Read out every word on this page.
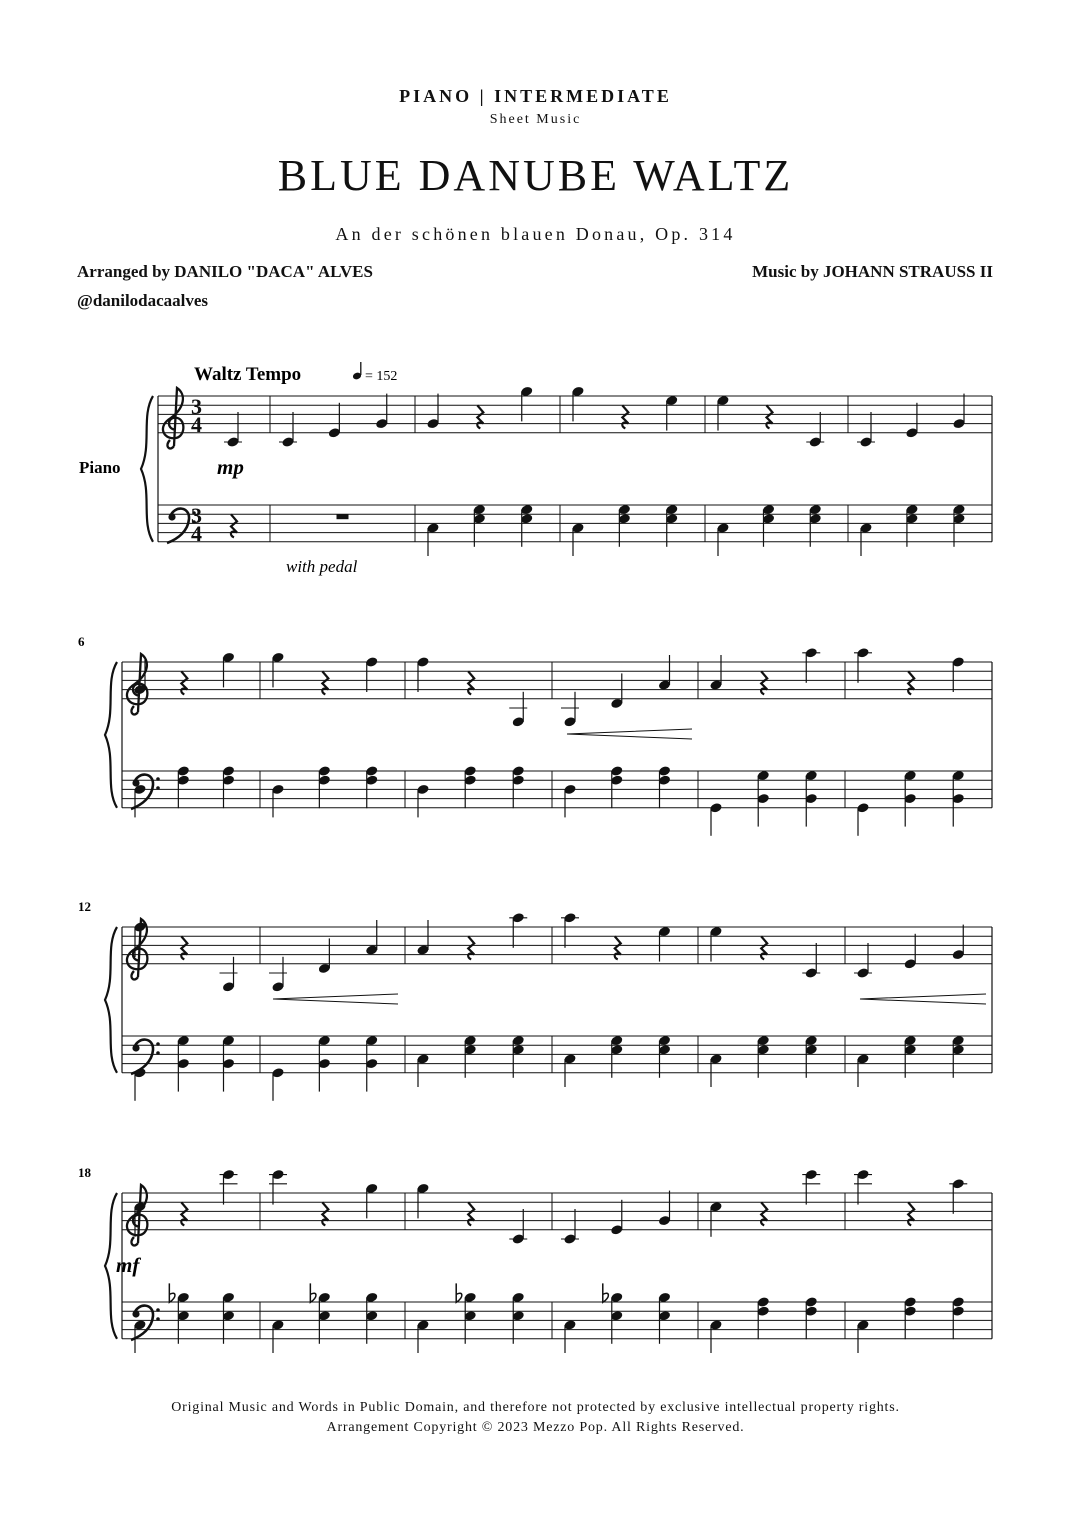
PIANO | INTERMEDIATE
Sheet Music
BLUE DANUBE WALTZ
An der schönen blauen Donau, Op. 314
Arranged by DANILO "DACA" ALVES
@danilodacaalves
Music by JOHANN STRAUSS II
3
4
3
4
Waltz Tempo	= 152
Piano
with pedal
mp
mf
6
12
18
Original Music and Words in Public Domain, and therefore not protected by exclusive intellectual property rights.
Arrangement Copyright © 2023 Mezzo Pop. All Rights Reserved.
